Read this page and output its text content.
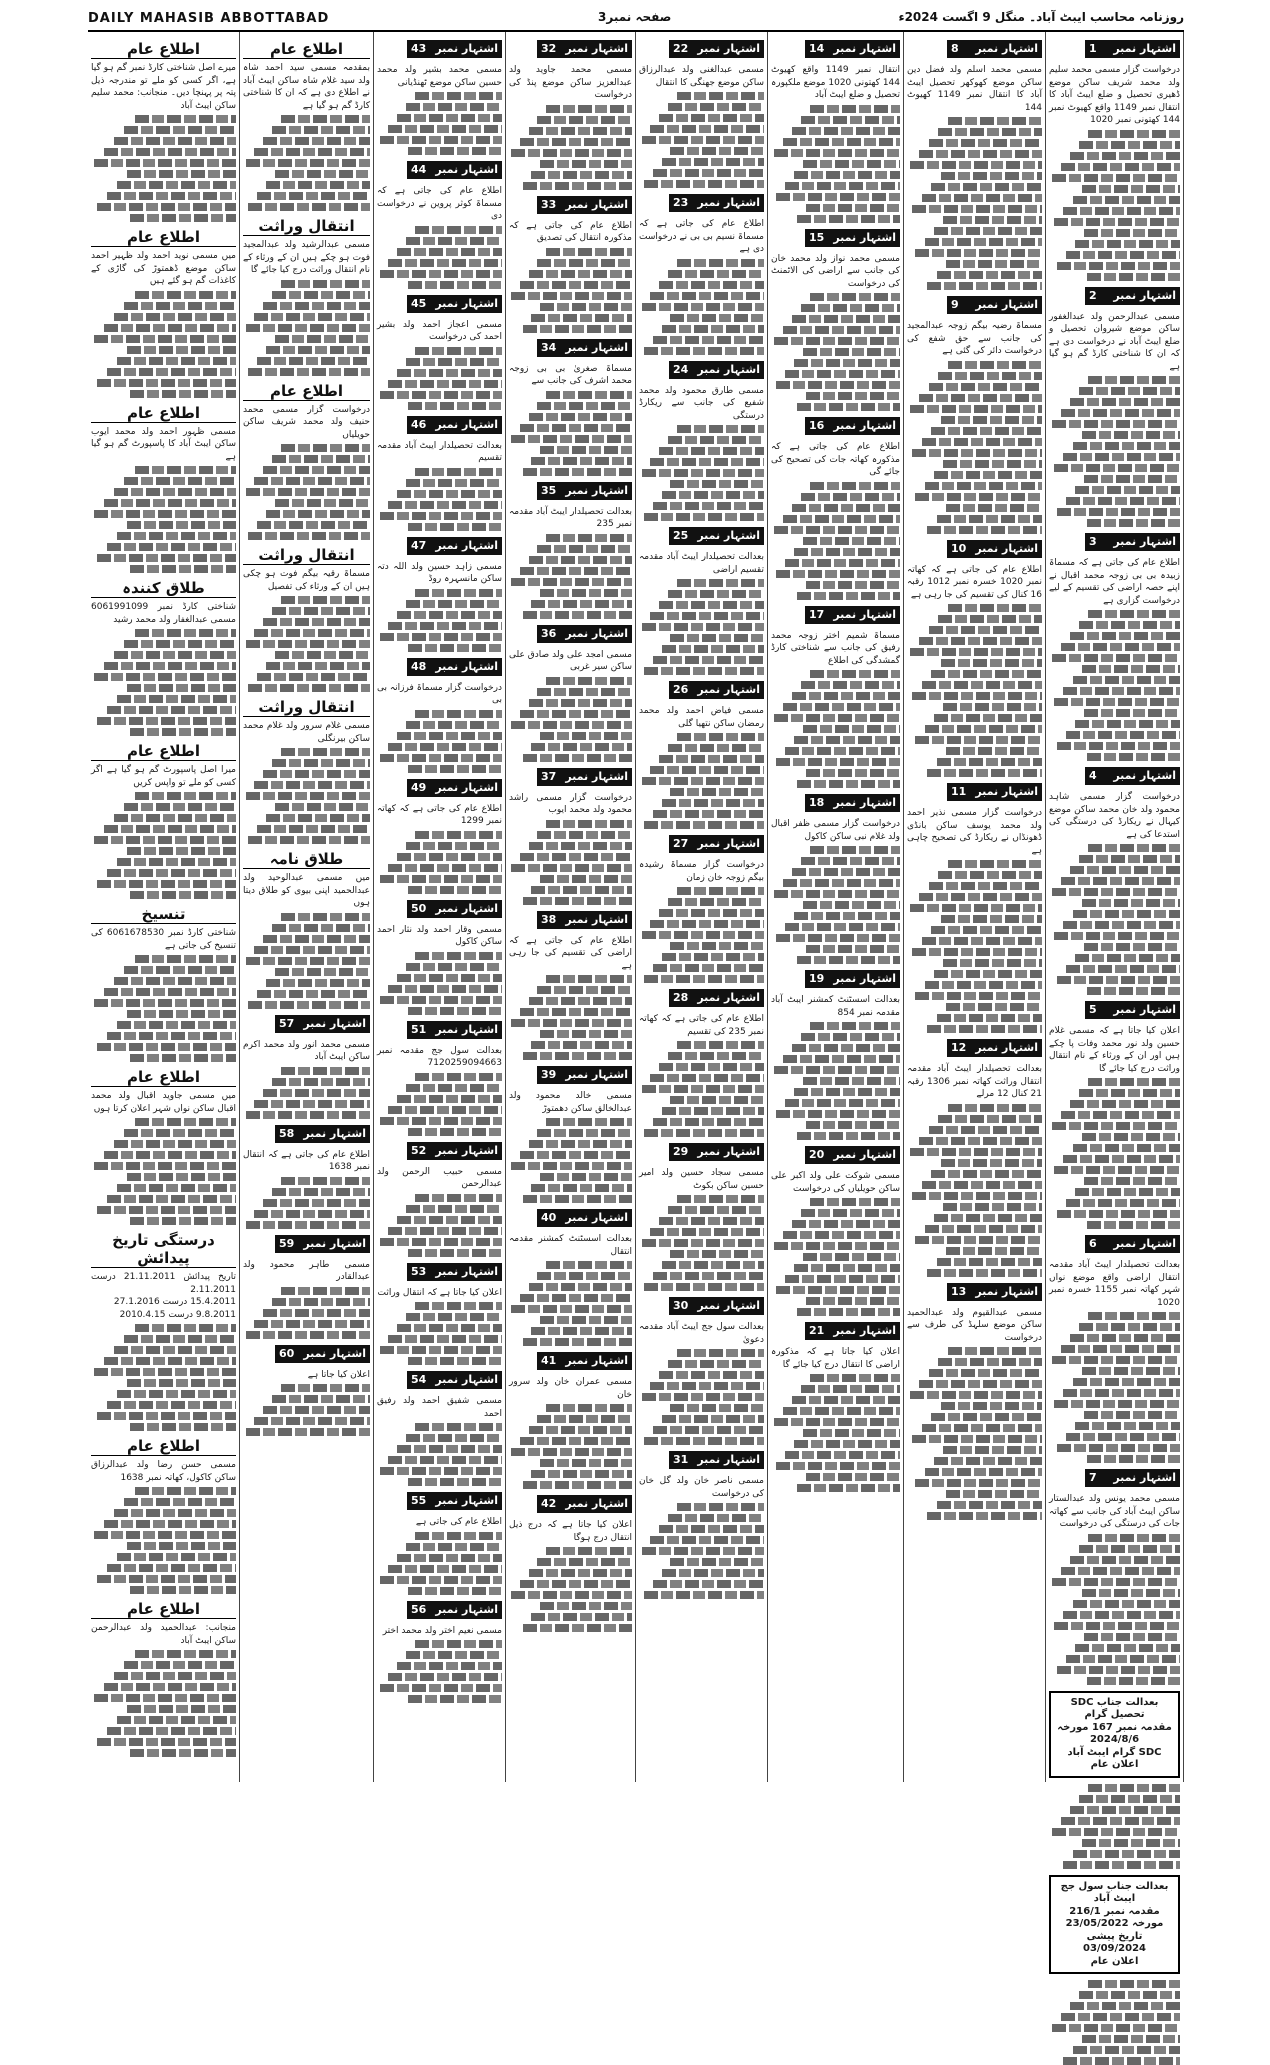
DAILY MAHASIB ABBOTTABAD	صفحہ نمبر3	روزنامہ محاسب ایبٹ آباد۔ منگل 9 اگست 2024ء
اشتہار نمبر
1

درخواست گزار مسمی محمد سلیم ولد محمد شریف ساکن موضع ڈھیری تحصیل و ضلع ایبٹ آباد کا انتقال نمبر 1149 واقع کھیوٹ نمبر 144 کھتونی نمبر 1020

اشتہار نمبر
2

مسمی عبدالرحمن ولد عبدالغفور ساکن موضع شیروان تحصیل و ضلع ایبٹ آباد نے درخواست دی ہے کہ ان کا شناختی کارڈ گم ہو گیا ہے

اشتہار نمبر
3

اطلاع عام کی جاتی ہے کہ مسماۃ زبیدہ بی بی زوجہ محمد اقبال نے اپنے حصہ اراضی کی تقسیم کے لیے درخواست گزاری ہے

اشتہار نمبر
4

درخواست گزار مسمی شاہد محمود ولد خان محمد ساکن موضع کیہال نے ریکارڈ کی درستگی کی استدعا کی ہے

اشتہار نمبر
5

اعلان کیا جاتا ہے کہ مسمی غلام حسین ولد نور محمد وفات پا چکے ہیں اور ان کے ورثاء کے نام انتقال وراثت درج کیا جائے گا

اشتہار نمبر
6

بعدالت تحصیلدار ایبٹ آباد مقدمہ انتقال اراضی واقع موضع نواں شہر کھاتہ نمبر 1155 خسرہ نمبر 1020

اشتہار نمبر
7

مسمی محمد یونس ولد عبدالستار ساکن ایبٹ آباد کی جانب سے کھاتہ جات کی درستگی کی درخواست

بعدالت جناب SDC تحصیل گرام

مقدمہ نمبر 167 مورخہ 2024/8/6

SDC گرام ایبٹ آباد

اعلان عام

بعدالت جناب سول جج ایبٹ آباد

مقدمہ نمبر 216/1 مورخہ 23/05/2022

تاریخ پیشی 03/09/2024

اعلان عام

اشتہار نمبر
8

مسمی محمد اسلم ولد فضل دین ساکن موضع کھوکھر تحصیل ایبٹ آباد کا انتقال نمبر 1149 کھیوٹ 144

اشتہار نمبر
9

مسماۃ رضیہ بیگم زوجہ عبدالمجید کی جانب سے حق شفع کی درخواست دائر کی گئی ہے

اشتہار نمبر
10

اطلاع عام کی جاتی ہے کہ کھاتہ نمبر 1020 خسرہ نمبر 1012 رقبہ 16 کنال کی تقسیم کی جا رہی ہے

اشتہار نمبر
11

درخواست گزار مسمی نذیر احمد ولد محمد یوسف ساکن بانڈی ڈھونڈاں نے ریکارڈ کی تصحیح چاہی ہے

اشتہار نمبر
12

بعدالت تحصیلدار ایبٹ آباد مقدمہ انتقال وراثت کھاتہ نمبر 1306 رقبہ 21 کنال 12 مرلے

اشتہار نمبر
13

مسمی عبدالقیوم ولد عبدالحمید ساکن موضع سلہڈ کی طرف سے درخواست

اشتہار نمبر
14

انتقال نمبر 1149 واقع کھیوٹ 144 کھتونی 1020 موضع ملکپورہ تحصیل و ضلع ایبٹ آباد

اشتہار نمبر
15

مسمی محمد نواز ولد محمد خان کی جانب سے اراضی کی الاٹمنٹ کی درخواست

اشتہار نمبر
16

اطلاع عام کی جاتی ہے کہ مذکورہ کھاتہ جات کی تصحیح کی جائے گی

اشتہار نمبر
17

مسماۃ شمیم اختر زوجہ محمد رفیق کی جانب سے شناختی کارڈ گمشدگی کی اطلاع

اشتہار نمبر
18

درخواست گزار مسمی ظفر اقبال ولد غلام نبی ساکن کاکول

اشتہار نمبر
19

بعدالت اسسٹنٹ کمشنر ایبٹ آباد مقدمہ نمبر 854

اشتہار نمبر
20

مسمی شوکت علی ولد اکبر علی ساکن حویلیاں کی درخواست

اشتہار نمبر
21

اعلان کیا جاتا ہے کہ مذکورہ اراضی کا انتقال درج کیا جائے گا

اشتہار نمبر
22

مسمی عبدالغنی ولد عبدالرزاق ساکن موضع جھنگی کا انتقال

اشتہار نمبر
23

اطلاع عام کی جاتی ہے کہ مسماۃ نسیم بی بی نے درخواست دی ہے

اشتہار نمبر
24

مسمی طارق محمود ولد محمد شفیع کی جانب سے ریکارڈ درستگی

اشتہار نمبر
25

بعدالت تحصیلدار ایبٹ آباد مقدمہ تقسیم اراضی

اشتہار نمبر
26

مسمی فیاض احمد ولد محمد رمضان ساکن نتھیا گلی

اشتہار نمبر
27

درخواست گزار مسماۃ رشیدہ بیگم زوجہ خان زمان

اشتہار نمبر
28

اطلاع عام کی جاتی ہے کہ کھاتہ نمبر 235 کی تقسیم

اشتہار نمبر
29

مسمی سجاد حسین ولد امیر حسین ساکن بکوٹ

اشتہار نمبر
30

بعدالت سول جج ایبٹ آباد مقدمہ دعویٰ

اشتہار نمبر
31

مسمی ناصر خان ولد گل خان کی درخواست

اشتہار نمبر
32

مسمی محمد جاوید ولد عبدالعزیز ساکن موضع پنڈ کی درخواست

اشتہار نمبر
33

اطلاع عام کی جاتی ہے کہ مذکورہ انتقال کی تصدیق

اشتہار نمبر
34

مسماۃ صغریٰ بی بی زوجہ محمد اشرف کی جانب سے

اشتہار نمبر
35

بعدالت تحصیلدار ایبٹ آباد مقدمہ نمبر 235

اشتہار نمبر
36

مسمی امجد علی ولد صادق علی ساکن سیر غربی

اشتہار نمبر
37

درخواست گزار مسمی راشد محمود ولد محمد ایوب

اشتہار نمبر
38

اطلاع عام کی جاتی ہے کہ اراضی کی تقسیم کی جا رہی ہے

اشتہار نمبر
39

مسمی خالد محمود ولد عبدالخالق ساکن دھمتوڑ

اشتہار نمبر
40

بعدالت اسسٹنٹ کمشنر مقدمہ انتقال

اشتہار نمبر
41

مسمی عمران خان ولد سرور خان

اشتہار نمبر
42

اعلان کیا جاتا ہے کہ درج ذیل انتقال درج ہوگا

اشتہار نمبر
43

مسمی محمد بشیر ولد محمد حسین ساکن موضع ٹھنڈیانی

اشتہار نمبر
44

اطلاع عام کی جاتی ہے کہ مسماۃ کوثر پروین نے درخواست دی

اشتہار نمبر
45

مسمی اعجاز احمد ولد بشیر احمد کی درخواست

اشتہار نمبر
46

بعدالت تحصیلدار ایبٹ آباد مقدمہ تقسیم

اشتہار نمبر
47

مسمی زاہد حسین ولد اللہ دتہ ساکن مانسہرہ روڈ

اشتہار نمبر
48

درخواست گزار مسماۃ فرزانہ بی بی

اشتہار نمبر
49

اطلاع عام کی جاتی ہے کہ کھاتہ نمبر 1299

اشتہار نمبر
50

مسمی وقار احمد ولد نثار احمد ساکن کاکول

اشتہار نمبر
51

بعدالت سول جج مقدمہ نمبر 7120259094663

اشتہار نمبر
52

مسمی حبیب الرحمن ولد عبدالرحمن

اشتہار نمبر
53

اعلان کیا جاتا ہے کہ انتقال وراثت

اشتہار نمبر
54

مسمی شفیق احمد ولد رفیق احمد

اشتہار نمبر
55

اطلاع عام کی جاتی ہے

اشتہار نمبر
56

مسمی نعیم اختر ولد محمد اختر

اطلاع عام

بمقدمہ مسمی سید احمد شاہ ولد سید غلام شاہ ساکن ایبٹ آباد نے اطلاع دی ہے کہ ان کا شناختی کارڈ گم ہو گیا ہے

انتقال وراثت

مسمی عبدالرشید ولد عبدالمجید فوت ہو چکے ہیں ان کے ورثاء کے نام انتقال وراثت درج کیا جائے گا

اطلاع عام

درخواست گزار مسمی محمد حنیف ولد محمد شریف ساکن حویلیاں

انتقال وراثت

مسماۃ رقیہ بیگم فوت ہو چکی ہیں ان کے ورثاء کی تفصیل

انتقال وراثت

مسمی غلام سرور ولد غلام محمد ساکن بیرنگلی

طلاق نامہ

میں مسمی عبدالوحید ولد عبدالحمید اپنی بیوی کو طلاق دیتا ہوں

اشتہار نمبر
57

مسمی محمد انور ولد محمد اکرم ساکن ایبٹ آباد

اشتہار نمبر
58

اطلاع عام کی جاتی ہے کہ انتقال نمبر 1638

اشتہار نمبر
59

مسمی طاہر محمود ولد عبدالقادر

اشتہار نمبر
60

اعلان کیا جاتا ہے

اطلاع عام

میرے اصل شناختی کارڈ نمبر گم ہو گیا ہے، اگر کسی کو ملے تو مندرجہ ذیل پتہ پر پہنچا دیں۔ منجانب: محمد سلیم ساکن ایبٹ آباد

اطلاع عام

میں مسمی نوید احمد ولد ظہیر احمد ساکن موضع ڈھمتوڑ کی گاڑی کے کاغذات گم ہو گئے ہیں

اطلاع عام

مسمی ظہور احمد ولد محمد ایوب ساکن ایبٹ آباد کا پاسپورٹ گم ہو گیا ہے

طلاق کنندہ

شناختی کارڈ نمبر 6061991099 مسمی عبدالغفار ولد محمد رشید

اطلاع عام

میرا اصل پاسپورٹ گم ہو گیا ہے اگر کسی کو ملے تو واپس کریں

تنسیخ

شناختی کارڈ نمبر 6061678530 کی تنسیخ کی جاتی ہے

اطلاع عام

میں مسمی جاوید اقبال ولد محمد اقبال ساکن نواں شہر اعلان کرتا ہوں

درستگی تاریخ پیدائش

تاریخ پیدائش 21.11.2011 درست 2.11.2011

15.4.2011 درست 27.1.2016

9.8.2011 درست 2010.4.15

اطلاع عام

مسمی حسن رضا ولد عبدالرزاق ساکن کاکول، کھاتہ نمبر 1638

اطلاع عام

منجانب: عبدالحمید ولد عبدالرحمن ساکن ایبٹ آباد
